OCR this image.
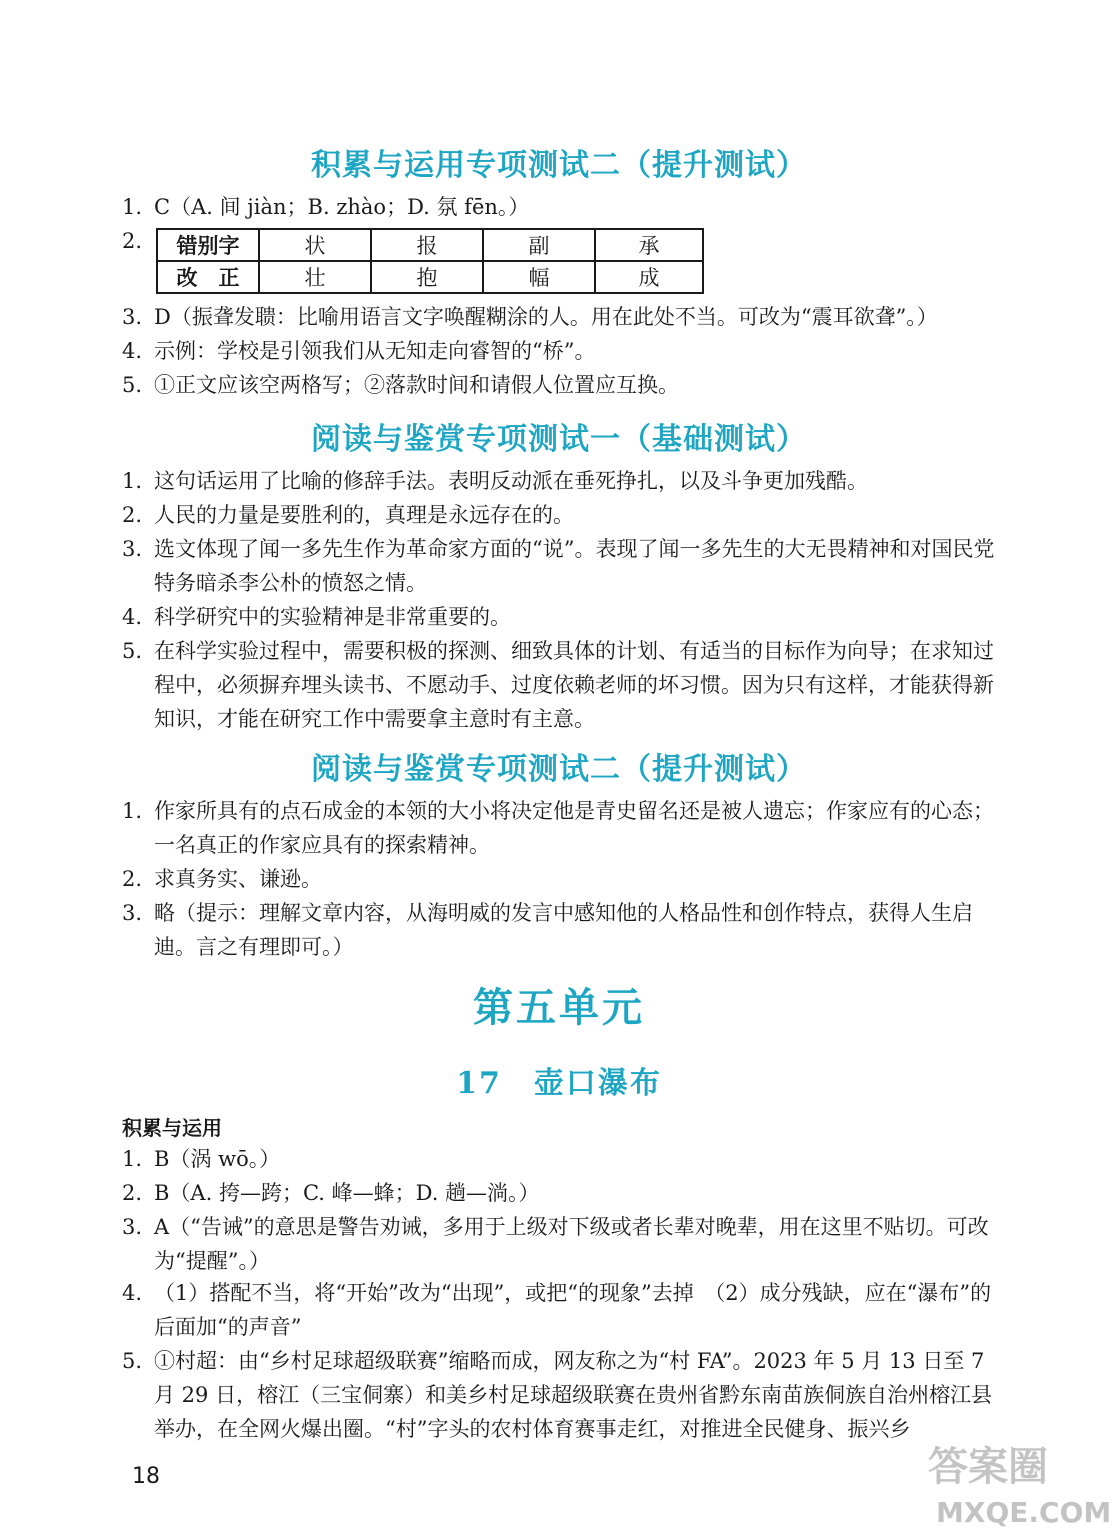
积累与运用专项测试二（提升测试）
1. C（A. 间 jiàn；B. zhào；D. 氛 fēn。）
2.	错别字	状	报	副	承
改　正	壮	抱	幅	成
3. D（振聋发聩：比喻用语言文字唤醒糊涂的人。用在此处不当。可改为“震耳欲聋”。）
4. 示例：学校是引领我们从无知走向睿智的“桥”。
5. ①正文应该空两格写；②落款时间和请假人位置应互换。
阅读与鉴赏专项测试一（基础测试）
1. 这句话运用了比喻的修辞手法。表明反动派在垂死挣扎，以及斗争更加残酷。
2. 人民的力量是要胜利的，真理是永远存在的。
3. 选文体现了闻一多先生作为革命家方面的“说”。表现了闻一多先生的大无畏精神和对国民党特务暗杀李公朴的愤怒之情。
4. 科学研究中的实验精神是非常重要的。
5. 在科学实验过程中，需要积极的探测、细致具体的计划、有适当的目标作为向导；在求知过程中，必须摒弃埋头读书、不愿动手、过度依赖老师的坏习惯。因为只有这样，才能获得新知识，才能在研究工作中需要拿主意时有主意。
阅读与鉴赏专项测试二（提升测试）
1. 作家所具有的点石成金的本领的大小将决定他是青史留名还是被人遗忘；作家应有的心态；一名真正的作家应具有的探索精神。
2. 求真务实、谦逊。
3. 略（提示：理解文章内容，从海明威的发言中感知他的人格品性和创作特点，获得人生启迪。言之有理即可。）
第五单元
17　壶口瀑布
积累与运用
1. B（涡 wō。）
2. B（A. 挎—跨；C. 峰—蜂；D. 趟—淌。）
3. A（“告诫”的意思是警告劝诫，多用于上级对下级或者长辈对晚辈，用在这里不贴切。可改为“提醒”。）
4. （1）搭配不当，将“开始”改为“出现”，或把“的现象”去掉　（2）成分残缺，应在“瀑布”的后面加“的声音”
5. ①村超：由“乡村足球超级联赛”缩略而成，网友称之为“村 FA”。2023 年 5 月 13 日至 7 月 29 日，榕江（三宝侗寨）和美乡村足球超级联赛在贵州省黔东南苗族侗族自治州榕江县举办，在全网火爆出圈。“村”字头的农村体育赛事走红，对推进全民健身、振兴乡
18	答案圈
MXQE.COM
